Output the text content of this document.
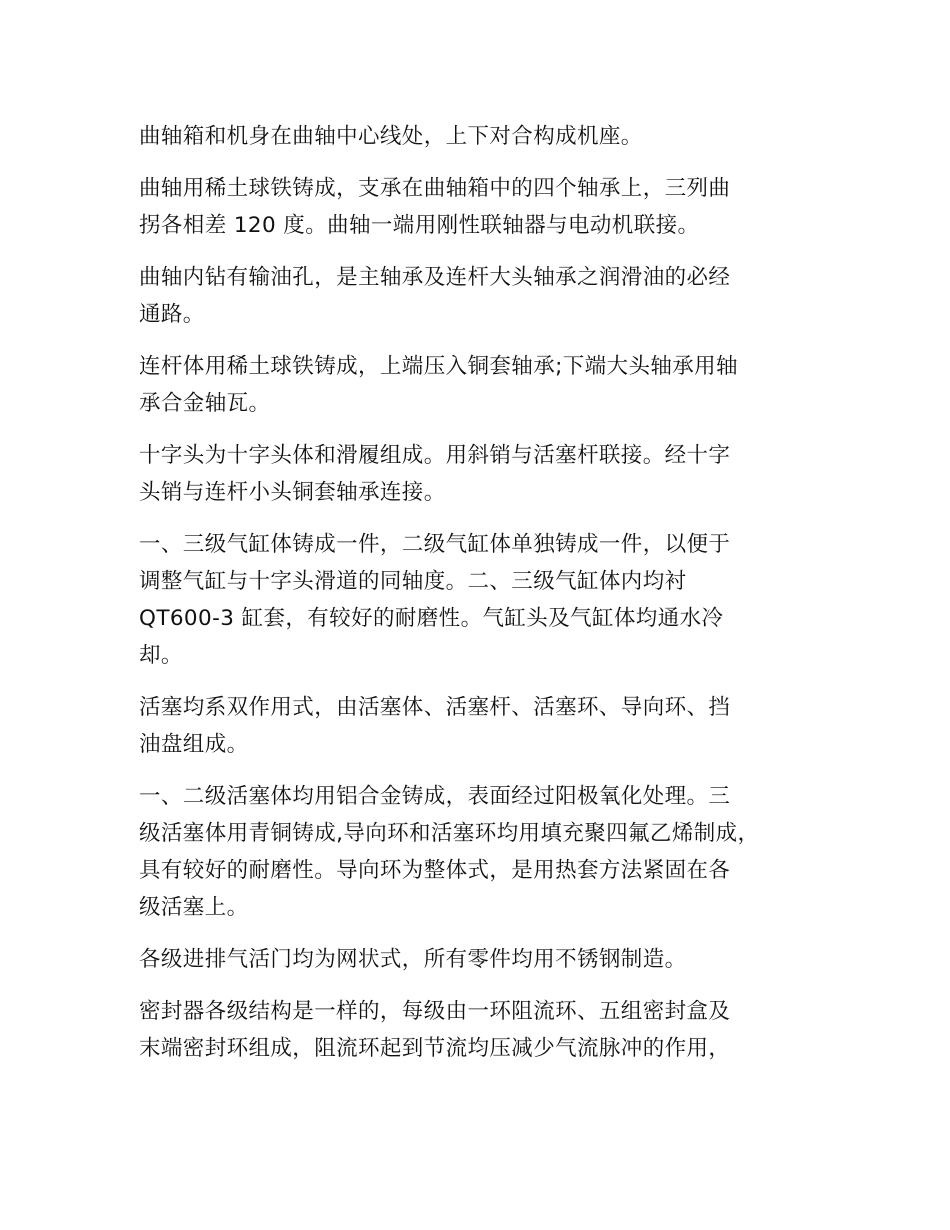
曲轴箱和机身在曲轴中心线处，上下对合构成机座。

曲轴用稀土球铁铸成，支承在曲轴箱中的四个轴承上，三列曲
拐各相差 120 度。曲轴一端用刚性联轴器与电动机联接。

曲轴内钻有输油孔，是主轴承及连杆大头轴承之润滑油的必经
通路。

连杆体用稀土球铁铸成，上端压入铜套轴承;下端大头轴承用轴
承合金轴瓦。

十字头为十字头体和滑履组成。用斜销与活塞杆联接。经十字
头销与连杆小头铜套轴承连接。

一、三级气缸体铸成一件，二级气缸体单独铸成一件，以便于
调整气缸与十字头滑道的同轴度。二、三级气缸体内均衬
QT600-3 缸套，有较好的耐磨性。气缸头及气缸体均通水冷
却。

活塞均系双作用式，由活塞体、活塞杆、活塞环、导向环、挡
油盘组成。

一、二级活塞体均用铝合金铸成，表面经过阳极氧化处理。三
级活塞体用青铜铸成,导向环和活塞环均用填充聚四氟乙烯制成，
具有较好的耐磨性。导向环为整体式，是用热套方法紧固在各
级活塞上。

各级进排气活门均为网状式，所有零件均用不锈钢制造。

密封器各级结构是一样的，每级由一环阻流环、五组密封盒及
末端密封环组成，阻流环起到节流均压减少气流脉冲的作用，
